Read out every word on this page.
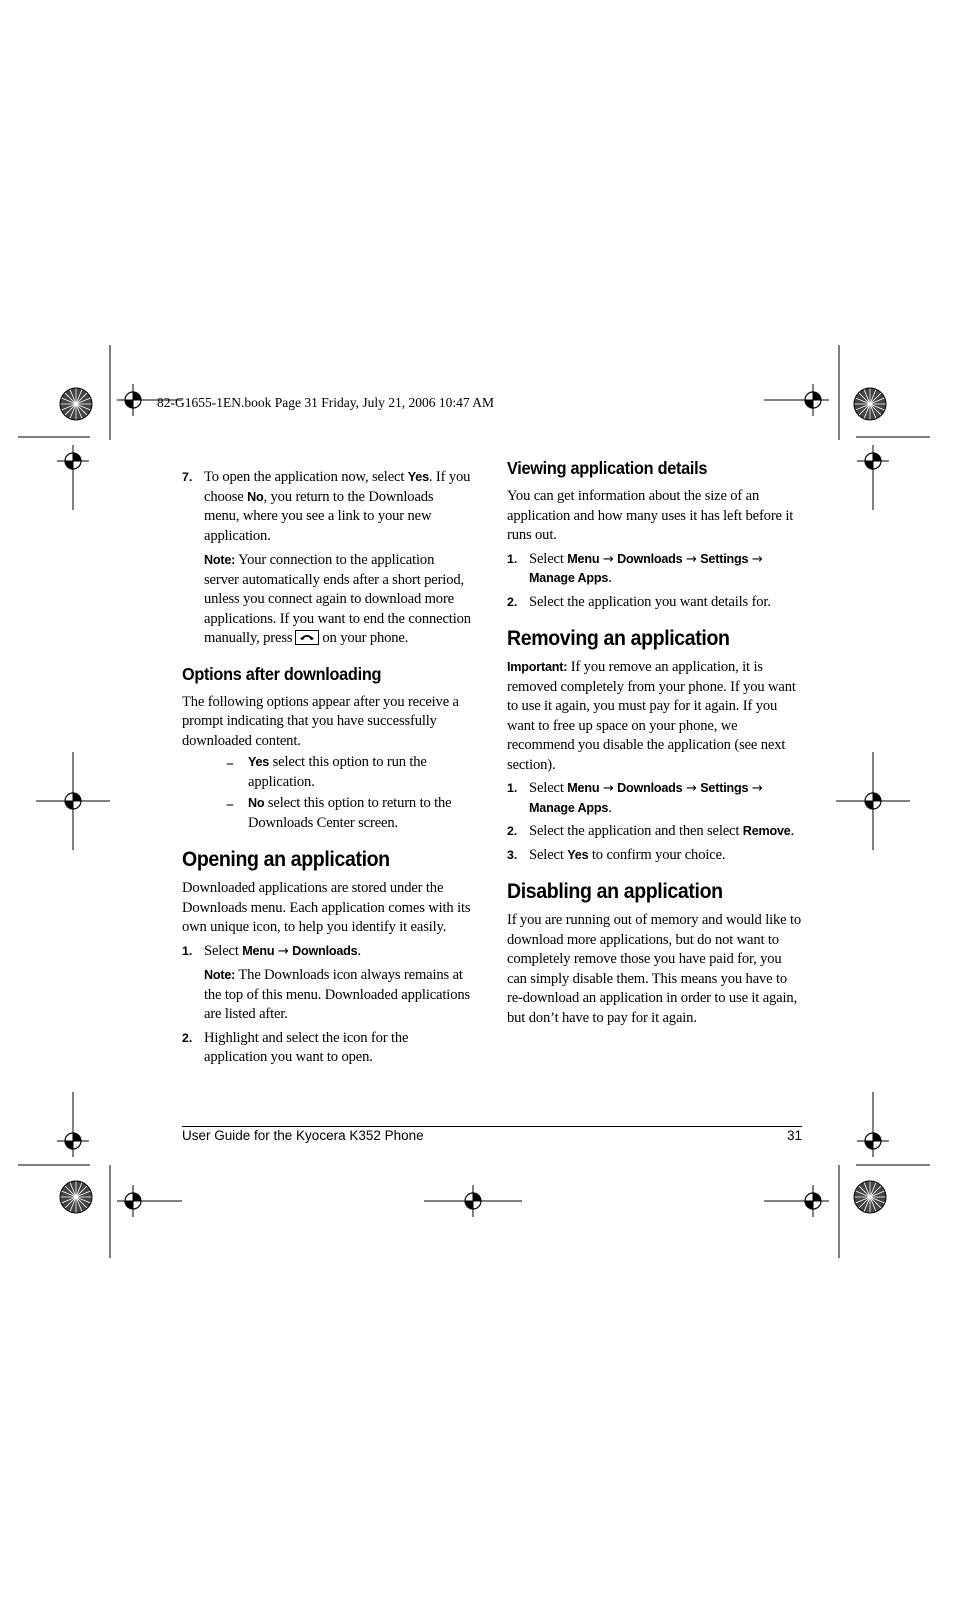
82-G1655-1EN.book Page 31 Friday, July 21, 2006 10:47 AM
7. To open the application now, select Yes. If you choose No, you return to the Downloads menu, where you see a link to your new application.

Note: Your connection to the application server automatically ends after a short period, unless you connect again to download more applications. If you want to end the connection manually, press on your phone.

Options after downloading

The following options appear after you receive a prompt indicating that you have successfully downloaded content.

–	Yes select this option to run the application.

–	No select this option to return to the Downloads Center screen.

Opening an application

Downloaded applications are stored under the Downloads menu. Each application comes with its own unique icon, to help you identify it easily.

1. Select Menu → Downloads.

Note: The Downloads icon always remains at the top of this menu. Downloaded applications are listed after.

2. Highlight and select the icon for the application you want to open.

Viewing application details

You can get information about the size of an application and how many uses it has left before it runs out.

1. Select Menu → Downloads → Settings → Manage Apps.

2. Select the application you want details for.

Removing an application

Important: If you remove an application, it is removed completely from your phone. If you want to use it again, you must pay for it again. If you want to free up space on your phone, we recommend you disable the application (see next section).

1. Select Menu → Downloads → Settings → Manage Apps.

2. Select the application and then select Remove.

3. Select Yes to confirm your choice.

Disabling an application

If you are running out of memory and would like to download more applications, but do not want to completely remove those you have paid for, you can simply disable them. This means you have to re-download an application in order to use it again, but don’t have to pay for it again.

User Guide for the Kyocera K352 Phone	31
